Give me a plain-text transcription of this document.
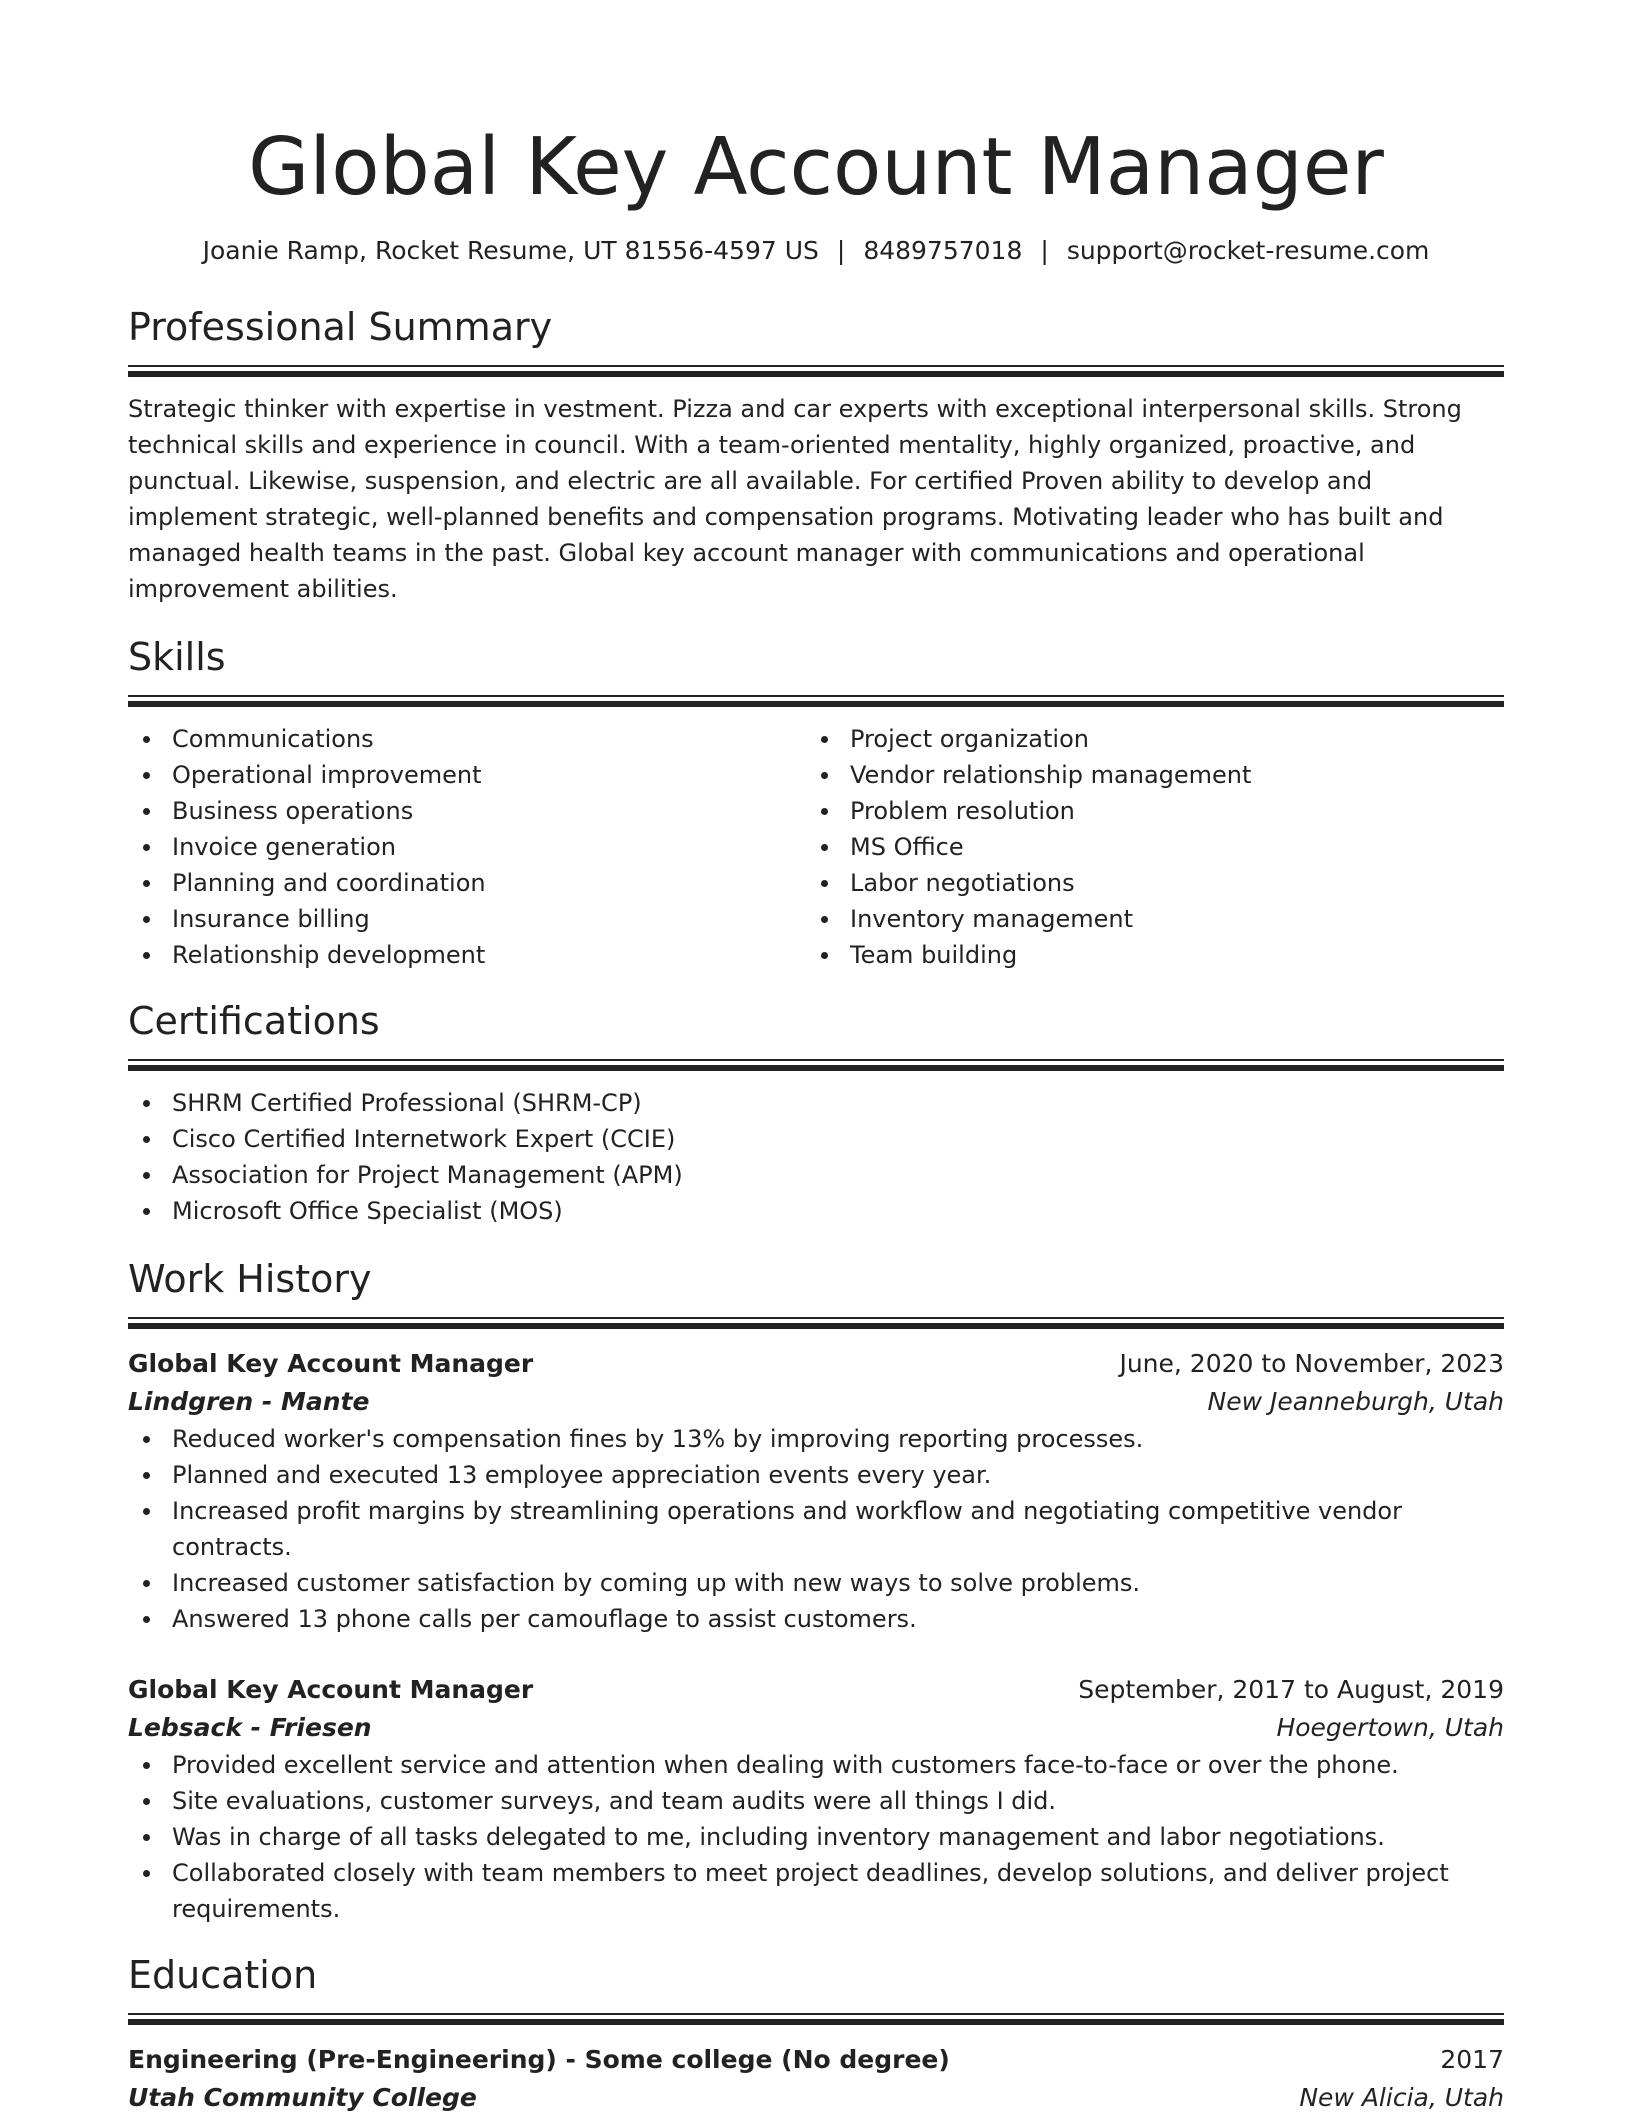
Global Key Account Manager
Joanie Ramp, Rocket Resume, UT 81556-4597 US | 8489757018 | support@rocket-resume.com
Professional Summary
Strategic thinker with expertise in vestment. Pizza and car experts with exceptional interpersonal skills. Strong technical skills and experience in council. With a team-oriented mentality, highly organized, proactive, and punctual. Likewise, suspension, and electric are all available. For certified Proven ability to develop and implement strategic, well-planned benefits and compensation programs. Motivating leader who has built and managed health teams in the past. Global key account manager with communications and operational improvement abilities.
Skills
Communications
Operational improvement
Business operations
Invoice generation
Planning and coordination
Insurance billing
Relationship development
Project organization
Vendor relationship management
Problem resolution
MS Office
Labor negotiations
Inventory management
Team building
Certifications
SHRM Certified Professional (SHRM-CP)
Cisco Certified Internetwork Expert (CCIE)
Association for Project Management (APM)
Microsoft Office Specialist (MOS)
Work History
Global Key Account Manager	June, 2020 to November, 2023
Lindgren - Mante	New Jeanneburgh, Utah
Reduced worker's compensation fines by 13% by improving reporting processes.
Planned and executed 13 employee appreciation events every year.
Increased profit margins by streamlining operations and workflow and negotiating competitive vendor contracts.
Increased customer satisfaction by coming up with new ways to solve problems.
Answered 13 phone calls per camouflage to assist customers.
Global Key Account Manager	September, 2017 to August, 2019
Lebsack - Friesen	Hoegertown, Utah
Provided excellent service and attention when dealing with customers face-to-face or over the phone.
Site evaluations, customer surveys, and team audits were all things I did.
Was in charge of all tasks delegated to me, including inventory management and labor negotiations.
Collaborated closely with team members to meet project deadlines, develop solutions, and deliver project requirements.
Education
Engineering (Pre-Engineering) - Some college (No degree)	2017
Utah Community College	New Alicia, Utah
